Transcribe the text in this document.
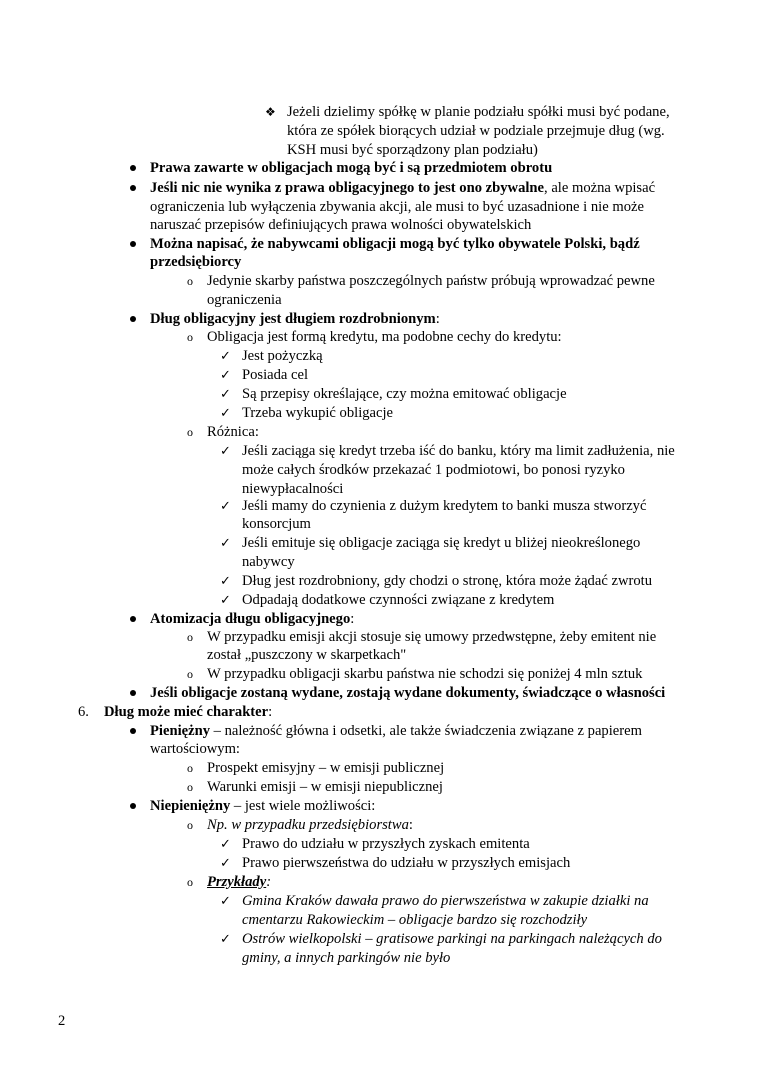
❖ Jeżeli dzielimy spółkę w planie podziału spółki musi być podane,
która ze spółek biorących udział w podziale przejmuje dług (wg.
KSH musi być sporządzony plan podziału)
Prawa zawarte w obligacjach mogą być i są przedmiotem obrotu
Jeśli nic nie wynika z prawa obligacyjnego to jest ono zbywalne, ale można wpisać
ograniczenia lub wyłączenia zbywania akcji, ale musi to być uzasadnione i nie może
naruszać przepisów definiujących prawa wolności obywatelskich
Można napisać, że nabywcami obligacji mogą być tylko obywatele Polski, bądź
przedsiębiorcy
o Jedynie skarby państwa poszczególnych państw próbują wprowadzać pewne
ograniczenia
Dług obligacyjny jest długiem rozdrobnionym:
o Obligacja jest formą kredytu, ma podobne cechy do kredytu:
✓ Jest pożyczką
✓ Posiada cel
✓ Są przepisy określające, czy można emitować obligacje
✓ Trzeba wykupić obligacje
o Różnica:
✓ Jeśli zaciąga się kredyt trzeba iść do banku, który ma limit zadłużenia, nie
może całych środków przekazać 1 podmiotowi, bo ponosi ryzyko
niewypłacalności
✓ Jeśli mamy do czynienia z dużym kredytem to banki musza stworzyć
konsorcjum
✓ Jeśli emituje się obligacje zaciąga się kredyt u bliżej nieokreślonego
nabywcy
✓ Dług jest rozdrobniony, gdy chodzi o stronę, która może żądać zwrotu
✓ Odpadają dodatkowe czynności związane z kredytem
Atomizacja długu obligacyjnego:
o W przypadku emisji akcji stosuje się umowy przedwstępne, żeby emitent nie
został „puszczony w skarpetkach"
o W przypadku obligacji skarbu państwa nie schodzi się poniżej 4 mln sztuk
Jeśli obligacje zostaną wydane, zostają wydane dokumenty, świadczące o własności
6. Dług może mieć charakter:
Pieniężny – należność główna i odsetki, ale także świadczenia związane z papierem
wartościowym:
o Prospekt emisyjny – w emisji publicznej
o Warunki emisji – w emisji niepublicznej
Niepieniężny – jest wiele możliwości:
o Np. w przypadku przedsiębiorstwa:
✓ Prawo do udziału w przyszłych zyskach emitenta
✓ Prawo pierwszeństwa do udziału w przyszłych emisjach
o Przykłady:
✓ Gmina Kraków dawała prawo do pierwszeństwa w zakupie działki na
cmentarzu Rakowieckim – obligacje bardzo się rozchodziły
✓ Ostrów wielkopolski – gratisowe parkingi na parkingach należących do
gminy, a innych parkingów nie było
2
